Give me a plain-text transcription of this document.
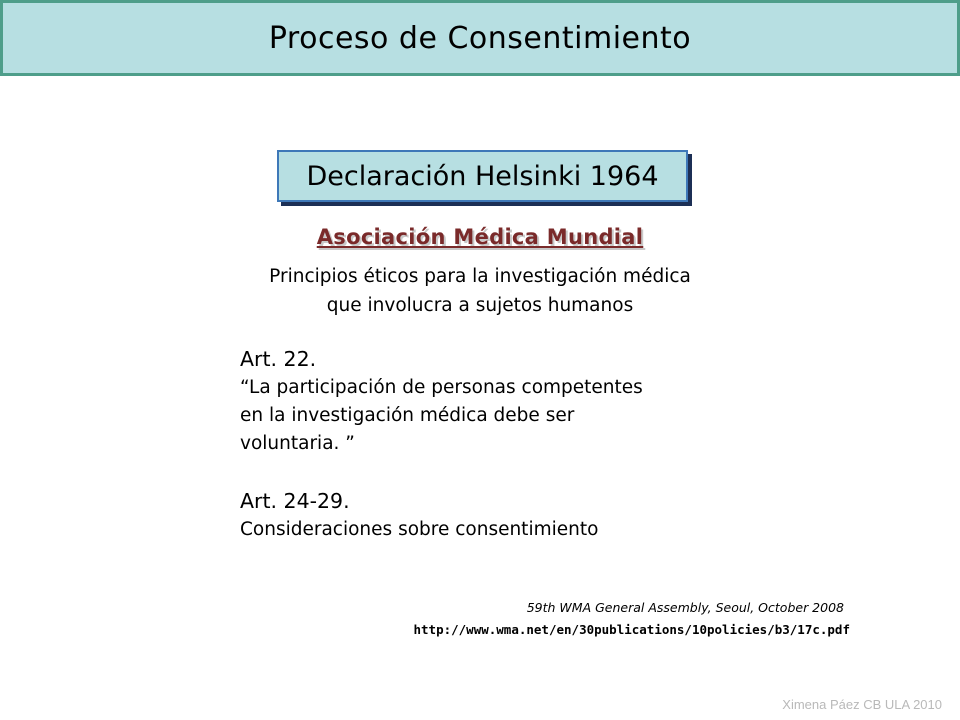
Proceso de Consentimiento
Declaración Helsinki 1964
Asociación Médica Mundial
Principios éticos para la investigación médica
que involucra a sujetos humanos
Art. 22.
“La participación de personas competentes
en la investigación médica debe ser
voluntaria. ”
Art. 24-29.
Consideraciones sobre consentimiento
59th WMA General Assembly, Seoul, October 2008
http://www.wma.net/en/30publications/10policies/b3/17c.pdf
Ximena Páez CB ULA 2010
